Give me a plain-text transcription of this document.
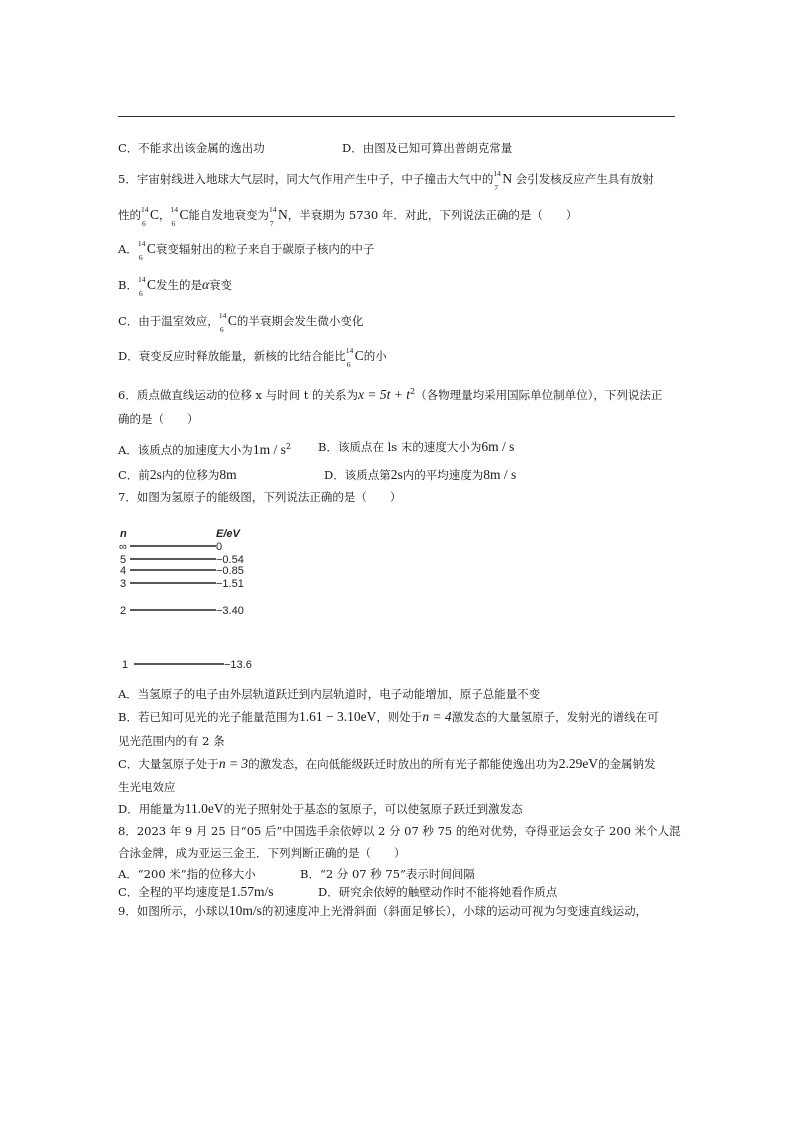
C．不能求出该金属的逸出功	D．由图及已知可算出普朗克常量
5．宇宙射线进入地球大气层时，同大气作用产生中子，中子撞击大气中的 14
7
N 会引发核反应产生具有放射
性的 14
6
C， 14
6
C能自发地衰变为 14
7
N，半衰期为 5730 年．对此，下列说法正确的是（　　）
A． 14
6
C衰变辐射出的粒子来自于碳原子核内的中子
B． 14
6
C发生的是α衰变
C．由于温室效应， 14
6
C的半衰期会发生微小变化
D．衰变反应时释放能量，新核的比结合能比 14
6
C的小
6．质点做直线运动的位移 x 与时间 t 的关系为$x = 5t + t^2$（各物理量均采用国际单位制单位），下列说法正
确的是（　　）
A．该质点的加速度大小为$1m / s^2$ B．该质点在 ls 末的速度大小为6m / s
C．前2s内的位移为8m	D．该质点第2s内的平均速度为8m / s
7．如图为氢原子的能级图，下列说法正确的是（　　）
n	E/eV
∞	0
5	−0.54
4	−0.85
3	−1.51
2	−3.40
1	−13.6
A．当氢原子的电子由外层轨道跃迁到内层轨道时，电子动能增加，原子总能量不变
B．若已知可见光的光子能量范围为1.61 − 3.10eV，则处于n = 4激发态的大量氢原子，发射光的谱线在可
见光范围内的有 2 条
C．大量氢原子处于n = 3的激发态，在向低能级跃迁时放出的所有光子都能使逸出功为2.29eV的金属钠发
生光电效应
D．用能量为11.0eV的光子照射处于基态的氢原子，可以使氢原子跃迁到激发态
8．2023 年 9 月 25 日“05 后”中国选手余依婷以 2 分 07 秒 75 的绝对优势，夺得亚运会女子 200 米个人混
合泳金牌，成为亚运三金王．下列判断正确的是（　　）
A．“200 米”指的位移大小	B．“2 分 07 秒 75”表示时间间隔
C．全程的平均速度是1.57m/s	D．研究余依婷的触壁动作时不能将她看作质点
9．如图所示，小球以10m/s的初速度冲上光滑斜面（斜面足够长），小球的运动可视为匀变速直线运动，
